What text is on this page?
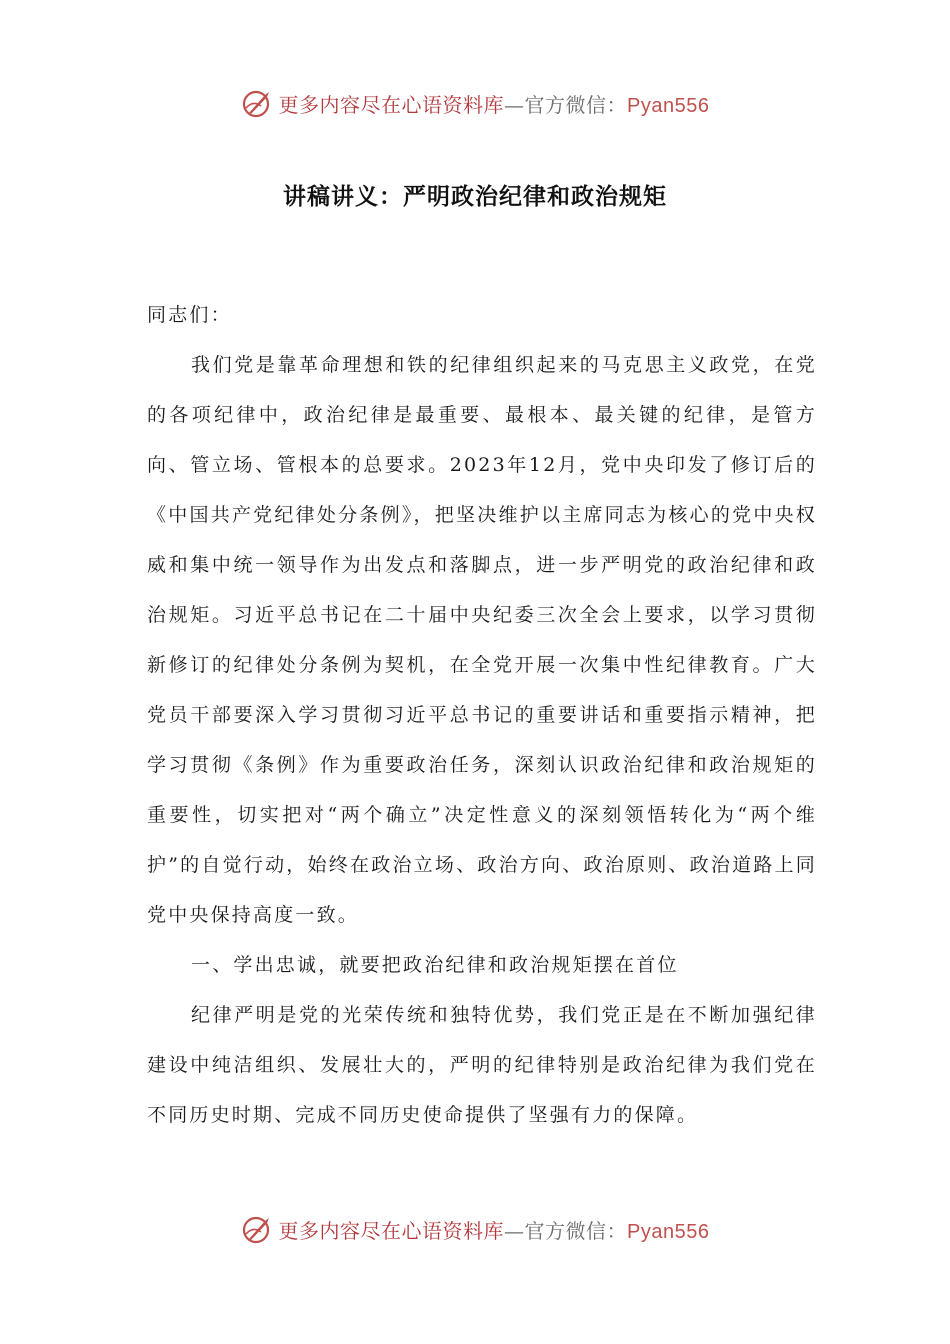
更多内容尽在心语资料库—官方微信：Pyan556
讲稿讲义：严明政治纪律和政治规矩

同志们：

我们党是靠革命理想和铁的纪律组织起来的马克思主义政党，在党的各项纪律中，政治纪律是最重要、最根本、最关键的纪律，是管方向、管立场、管根本的总要求。2023年12月，党中央印发了修订后的《中国共产党纪律处分条例》，把坚决维护以主席同志为核心的党中央权威和集中统一领导作为出发点和落脚点，进一步严明党的政治纪律和政治规矩。习近平总书记在二十届中央纪委三次全会上要求，以学习贯彻新修订的纪律处分条例为契机，在全党开展一次集中性纪律教育。广大党员干部要深入学习贯彻习近平总书记的重要讲话和重要指示精神，把学习贯彻《条例》作为重要政治任务，深刻认识政治纪律和政治规矩的重要性，切实把对“两个确立”决定性意义的深刻领悟转化为“两个维护”的自觉行动，始终在政治立场、政治方向、政治原则、政治道路上同党中央保持高度一致。

一、学出忠诚，就要把政治纪律和政治规矩摆在首位

纪律严明是党的光荣传统和独特优势，我们党正是在不断加强纪律建设中纯洁组织、发展壮大的，严明的纪律特别是政治纪律为我们党在不同历史时期、完成不同历史使命提供了坚强有力的保障。

更多内容尽在心语资料库—官方微信：Pyan556
